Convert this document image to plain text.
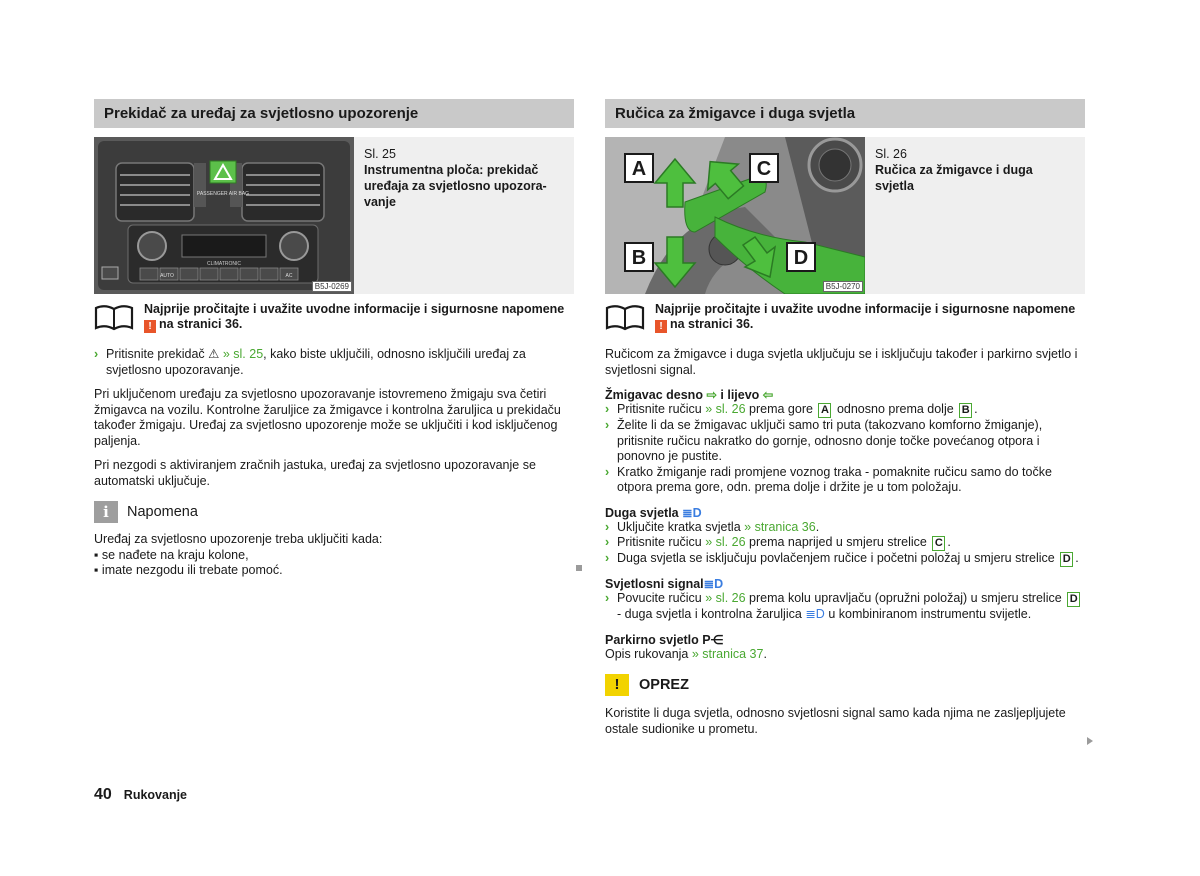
Prekidač za uređaj za svjetlosno upozorenje
PASSENGER AIR BAG
CLIMATRONIC
AUTO	AC
B5J-0269
Sl. 25
Instrumentna ploča: prekidač uređaja za svjetlosno upozora-vanje
Najprije pročitajte i uvažite uvodne informacije i sigurnosne napomene
! na stranici 36.
› Pritisnite prekidač ⚠ » sl. 25, kako biste uključili, odnosno isključili uređaj za svjetlosno upozoravanje.

Pri uključenom uređaju za svjetlosno upozoravanje istovremeno žmigaju sva četiri žmigavca na vozilu. Kontrolne žaruljice za žmigavce i kontrolna žaruljica u prekidaču također žmigaju. Uređaj za svjetlosno upozorenje može se uključiti i kod isključenog paljenja.

Pri nezgodi s aktiviranjem zračnih jastuka, uređaj za svjetlosno upozoravanje se automatski uključuje.

i	Napomena

Uređaj za svjetlosno upozorenje treba uključiti kada:

▪ se nađete na kraju kolone,
▪ imate nezgodu ili trebate pomoć.
Ručica za žmigavce i duga svjetla
A
B
C
D
B5J-0270
Sl. 26
Ručica za žmigavce i duga svjetla
Najprije pročitajte i uvažite uvodne informacije i sigurnosne napomene
! na stranici 36.

Ručicom za žmigavce i duga svjetla uključuju se i isključuju također i parkirno svjetlo i svjetlosni signal.

Žmigavac desno ⇨ i lijevo ⇦
› Pritisnite ručicu » sl. 26 prema gore A odnosno prema dolje B .

› Želite li da se žmigavac uključi samo tri puta (takozvano komforno žmiganje), pritisnite ručicu nakratko do gornje, odnosno donje točke povećanog otpora i ponovno je pustite.

› Kratko žmiganje radi promjene voznog traka - pomaknite ručicu samo do točke otpora prema gore, odn. prema dolje i držite je u tom položaju.

Duga svjetla ≣D
› Uključite kratka svjetla » stranica 36.

› Pritisnite ručicu » sl. 26 prema naprijed u smjeru strelice C .

› Duga svjetla se isključuju povlačenjem ručice i početni položaj u smjeru strelice D .

Svjetlosni signal≣D
› Povucite ručicu » sl. 26 prema kolu upravljaču (opružni položaj) u smjeru strelice D - duga svjetla i kontrolna žaruljica ≣D u kombiniranom instrumentu svijetle.

Parkirno svjetlo P⋲

Opis rukovanja » stranica 37.

!	OPREZ

Koristite li duga svjetla, odnosno svjetlosni signal samo kada njima ne zasljepljujete ostale sudionike u prometu.

40 Rukovanje
